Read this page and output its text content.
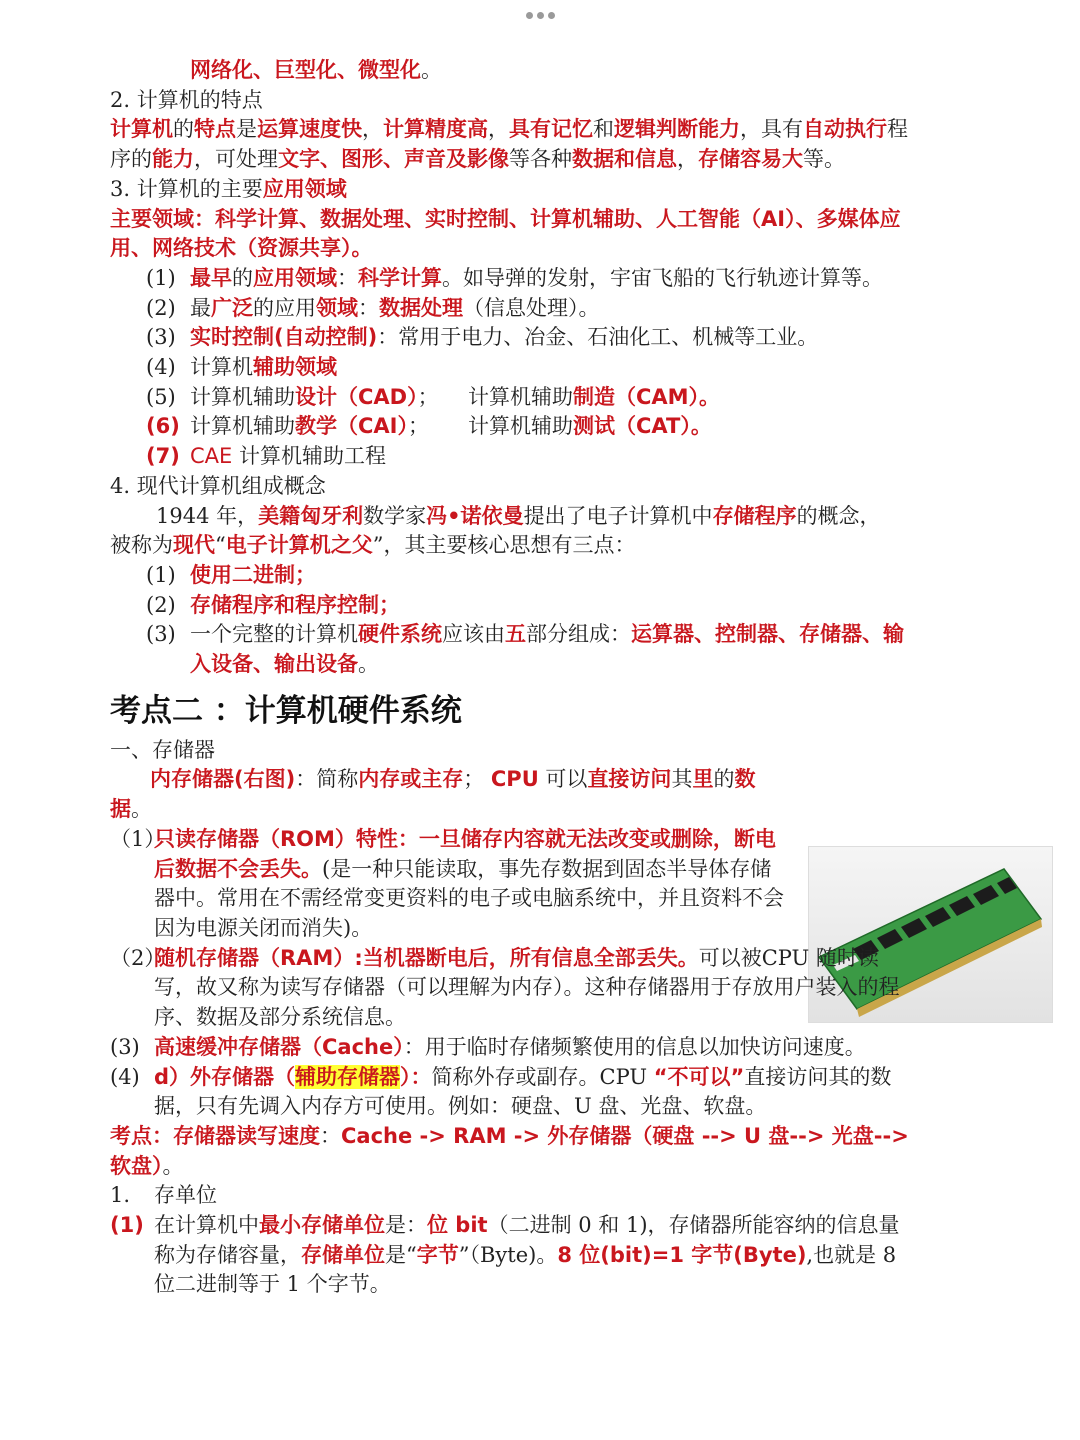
网络化、巨型化、微型化。
2. 计算机的特点
计算机的特点是运算速度快，计算精度高，具有记忆和逻辑判断能力，具有自动执行程序的能力，可处理文字、图形、声音及影像等各种数据和信息，存储容易大等。
3. 计算机的主要应用领域
主要领域：科学计算、数据处理、实时控制、计算机辅助、人工智能（AI）、多媒体应用、网络技术（资源共享）。
(1) 最早的应用领域：科学计算。如导弹的发射，宇宙飞船的飞行轨迹计算等。
(2) 最广泛的应用领域：数据处理（信息处理）。
(3) 实时控制(自动控制)：常用于电力、冶金、石油化工、机械等工业。
(4) 计算机辅助领域
(5) 计算机辅助设计（CAD）； 计算机辅助制造（CAM）。
(6) 计算机辅助教学（CAI）； 计算机辅助测试（CAT）。
(7) CAE 计算机辅助工程
4. 现代计算机组成概念
1944 年，美籍匈牙利数学家冯•诺依曼提出了电子计算机中存储程序的概念，
被称为现代“电子计算机之父”，其主要核心思想有三点：
(1) 使用二进制；
(2) 存储程序和程序控制；
(3) 一个完整的计算机硬件系统应该由五部分组成：运算器、控制器、存储器、输入设备、输出设备。
考点二 ：计算机硬件系统
一、存储器
内存储器(右图)：简称内存或主存； CPU 可以直接访问其里的数据。
（1）
只读存储器（ROM）特性：一旦储存内容就无法改变或删除，断电后数据不会丢失。(是一种只能读取，事先存数据到固态半导体存储器中。常用在不需经常变更资料的电子或电脑系统中，并且资料不会因为电源关闭而消失)。
（2）
随机存储器（RAM）:当机器断电后，所有信息全部丢失。可以被CPU 随时读写，故又称为读写存储器（可以理解为内存）。这种存储器用于存放用户装入的程序、数据及部分系统信息。
(3) 高速缓冲存储器（Cache）：用于临时存储频繁使用的信息以加快访问速度。
(4) d）外存储器（辅助存储器）：简称外存或副存。CPU “不可以”直接访问其的数据，只有先调入内存方可使用。例如：硬盘、U 盘、光盘、软盘。
考点：存储器读写速度：Cache -> RAM -> 外存储器（硬盘 --> U 盘--> 光盘--> 软盘）。
1.	存单位
(1) 在计算机中最小存储单位是：位 bit（二进制 0 和 1)，存储器所能容纳的信息量称为存储容量，存储单位是“字节”（Byte)。8 位(bit)=1 字节(Byte),也就是 8 位二进制等于 1 个字节。
